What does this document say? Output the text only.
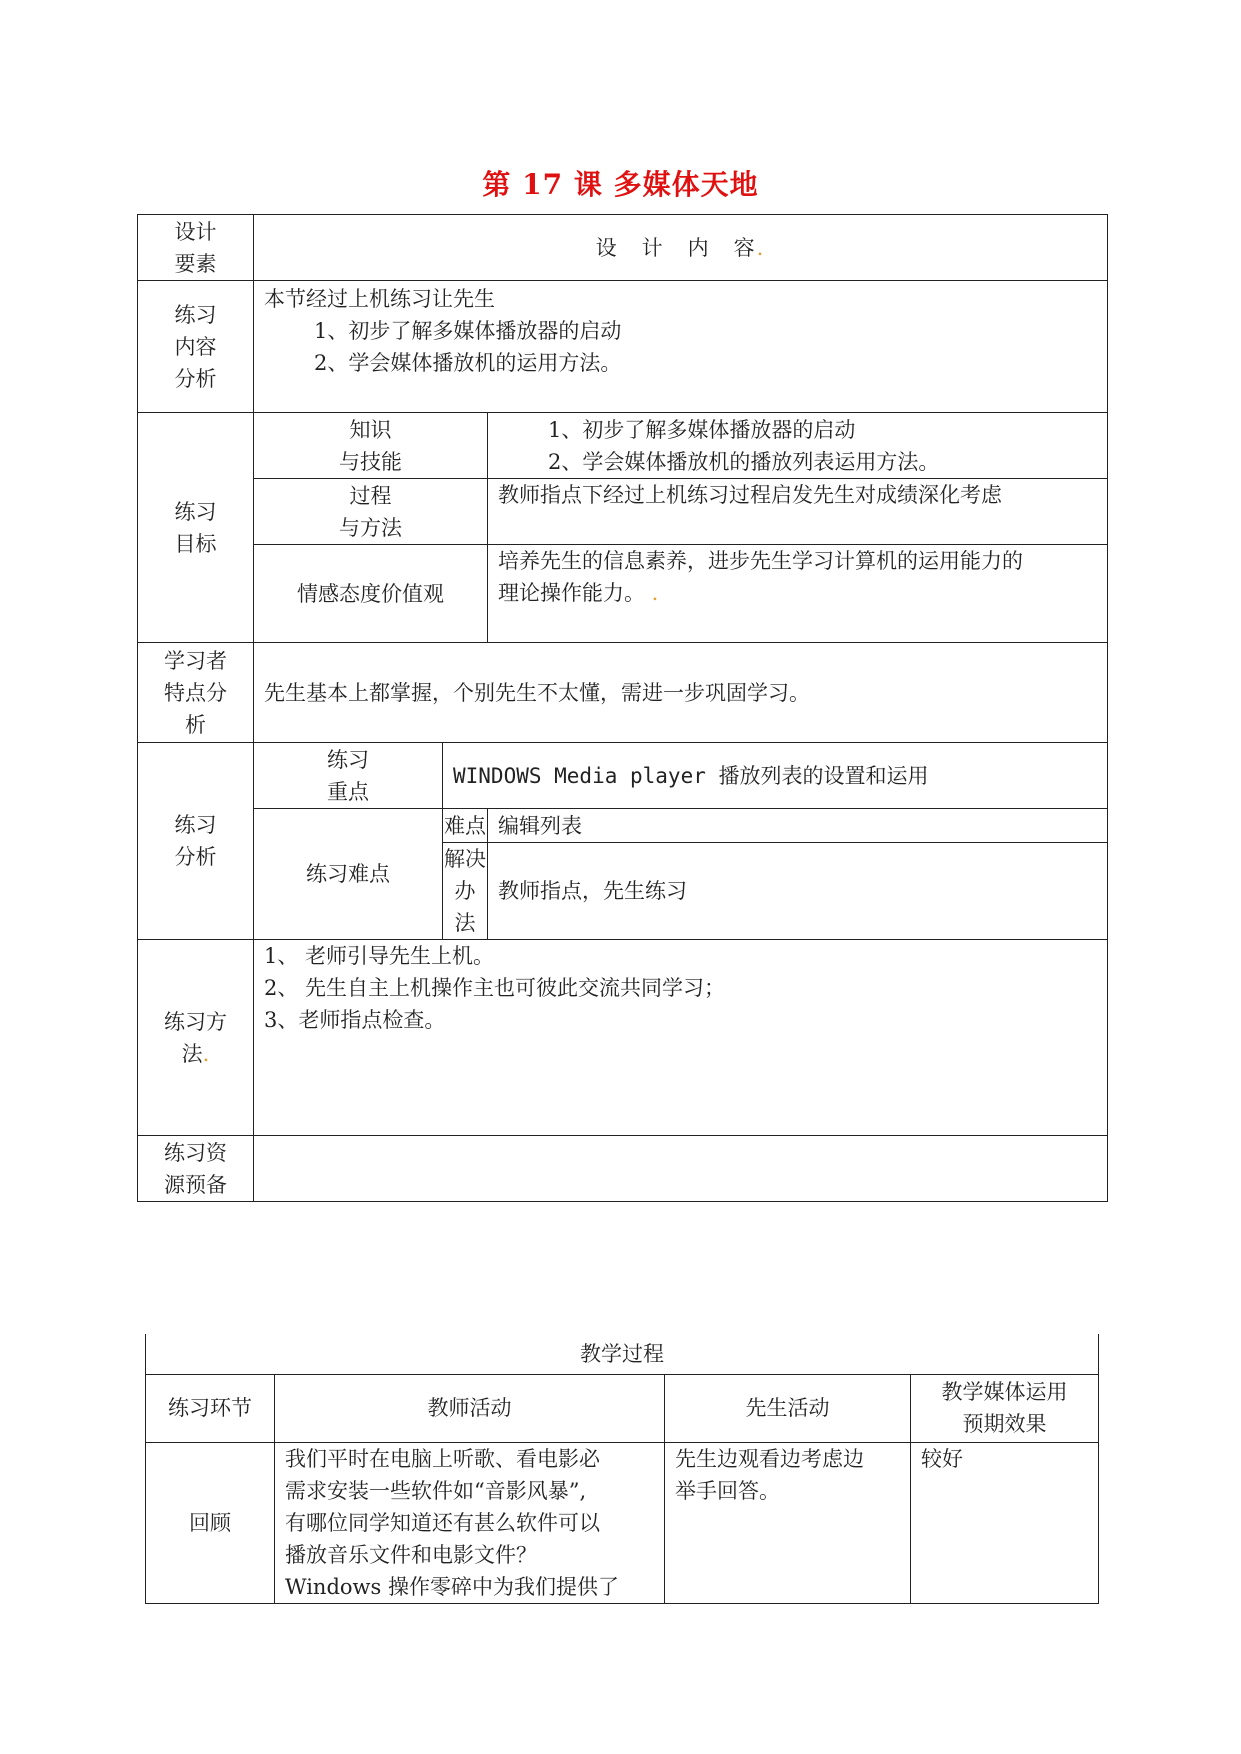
第 17 课 多媒体天地
设计
要素	设　计　内　容.		
练习
内容
分析	本节经过上机练习让先生
1、初步了解多媒体播放器的启动
2、学会媒体播放机的运用方法。		

练习
目标	知识
与技能		1、初步了解多媒体播放器的启动
2、学会媒体播放机的播放列表运用方法。

	过程
与方法		教师指点下经过上机练习过程启发先生对成绩深化考虑

	情感态度价值观		培养先生的信息素养，进步先生学习计算机的运用能力的
理论操作能力。 .

学习者
特点分
析	先生基本上都掌握，个别先生不太懂，需进一步巩固学习。		
练习
分析	练习
重点	WINDOWS Media player 播放列表的设置和运用	
	练习难点	难点	编辑列表
		解决办
法	教师指点，先生练习
练习方
法.	1、 老师引导先生上机。
2、 先生自主上机操作主也可彼此交流共同学习；
3、老师指点检查。		

练习资
源预备			
教学过程			
练习环节	教师活动	先生活动	教学媒体运用
预期效果
回顾	我们平时在电脑上听歌、看电影必
需求安装一些软件如“音影风暴”,
有哪位同学知道还有甚么软件可以
播放音乐文件和电影文件？
Windows 操作零碎中为我们提供了	先生边观看边考虑边
举手回答。	较好
